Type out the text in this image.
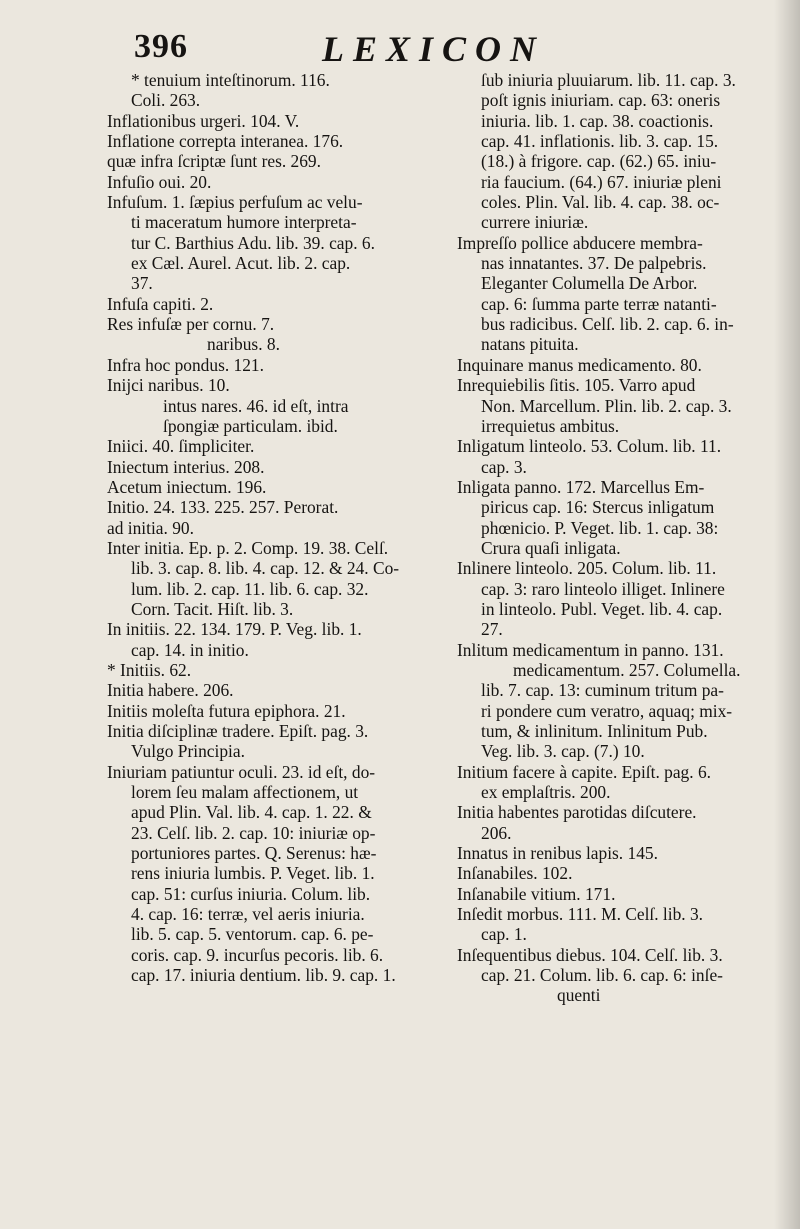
396	LEXICON
* tenuium inteſtinorum. 116.
Coli. 263.
Inflationibus urgeri. 104. V.
Inflatione correpta interanea. 176.
quæ infra ſcriptæ ſunt res. 269.
Infuſio oui. 20.
Infuſum. 1. ſæpius perfuſum ac velu-
ti maceratum humore interpreta-
tur C. Barthius Adu. lib. 39. cap. 6.
ex Cæl. Aurel. Acut. lib. 2. cap.
37.
Infuſa capiti. 2.
Res infuſæ per cornu. 7.
naribus. 8.
Infra hoc pondus. 121.
Inijci naribus. 10.
intus nares. 46. id eſt, intra
ſpongiæ particulam. ibid.
Iniici. 40. ſimpliciter.
Iniectum interius. 208.
Acetum iniectum. 196.
Initio. 24. 133. 225. 257. Perorat.
ad initia. 90.
Inter initia. Ep. p. 2. Comp. 19. 38. Celſ.
lib. 3. cap. 8. lib. 4. cap. 12. & 24. Co-
lum. lib. 2. cap. 11. lib. 6. cap. 32.
Corn. Tacit. Hiſt. lib. 3.
In initiis. 22. 134. 179. P. Veg. lib. 1.
cap. 14. in initio.
* Initiis. 62.
Initia habere. 206.
Initiis moleſta futura epiphora. 21.
Initia diſciplinæ tradere. Epiſt. pag. 3.
Vulgo Principia.
Iniuriam patiuntur oculi. 23. id eſt, do-
lorem ſeu malam affectionem, ut
apud Plin. Val. lib. 4. cap. 1. 22. &
23. Celſ. lib. 2. cap. 10: iniuriæ op-
portuniores partes. Q. Serenus: hæ-
rens iniuria lumbis. P. Veget. lib. 1.
cap. 51: curſus iniuria. Colum. lib.
4. cap. 16: terræ, vel aeris iniuria.
lib. 5. cap. 5. ventorum. cap. 6. pe-
coris. cap. 9. incurſus pecoris. lib. 6.
cap. 17. iniuria dentium. lib. 9. cap. 1.
ſub iniuria pluuiarum. lib. 11. cap. 3.
poſt ignis iniuriam. cap. 63: oneris
iniuria. lib. 1. cap. 38. coactionis.
cap. 41. inflationis. lib. 3. cap. 15.
(18.) à frigore. cap. (62.) 65. iniu-
ria faucium. (64.) 67. iniuriæ pleni
coles. Plin. Val. lib. 4. cap. 38. oc-
currere iniuriæ.
Impreſſo pollice abducere membra-
nas innatantes. 37. De palpebris.
Eleganter Columella De Arbor.
cap. 6: ſumma parte terræ natanti-
bus radicibus. Celſ. lib. 2. cap. 6. in-
natans pituita.
Inquinare manus medicamento. 80.
Inrequiebilis ſitis. 105. Varro apud
Non. Marcellum. Plin. lib. 2. cap. 3.
irrequietus ambitus.
Inligatum linteolo. 53. Colum. lib. 11.
cap. 3.
Inligata panno. 172. Marcellus Em-
piricus cap. 16: Stercus inligatum
phœnicio. P. Veget. lib. 1. cap. 38:
Crura quaſi inligata.
Inlinere linteolo. 205. Colum. lib. 11.
cap. 3: raro linteolo illiget. Inlinere
in linteolo. Publ. Veget. lib. 4. cap.
27.
Inlitum medicamentum in panno. 131.
medicamentum. 257. Columella.
lib. 7. cap. 13: cuminum tritum pa-
ri pondere cum veratro, aquaq; mix-
tum, & inlinitum. Inlinitum Pub.
Veg. lib. 3. cap. (7.) 10.
Initium facere à capite. Epiſt. pag. 6.
ex emplaſtris. 200.
Initia habentes parotidas diſcutere.
206.
Innatus in renibus lapis. 145.
Inſanabiles. 102.
Inſanabile vitium. 171.
Inſedit morbus. 111. M. Celſ. lib. 3.
cap. 1.
Inſequentibus diebus. 104. Celſ. lib. 3.
cap. 21. Colum. lib. 6. cap. 6: inſe-
quenti
